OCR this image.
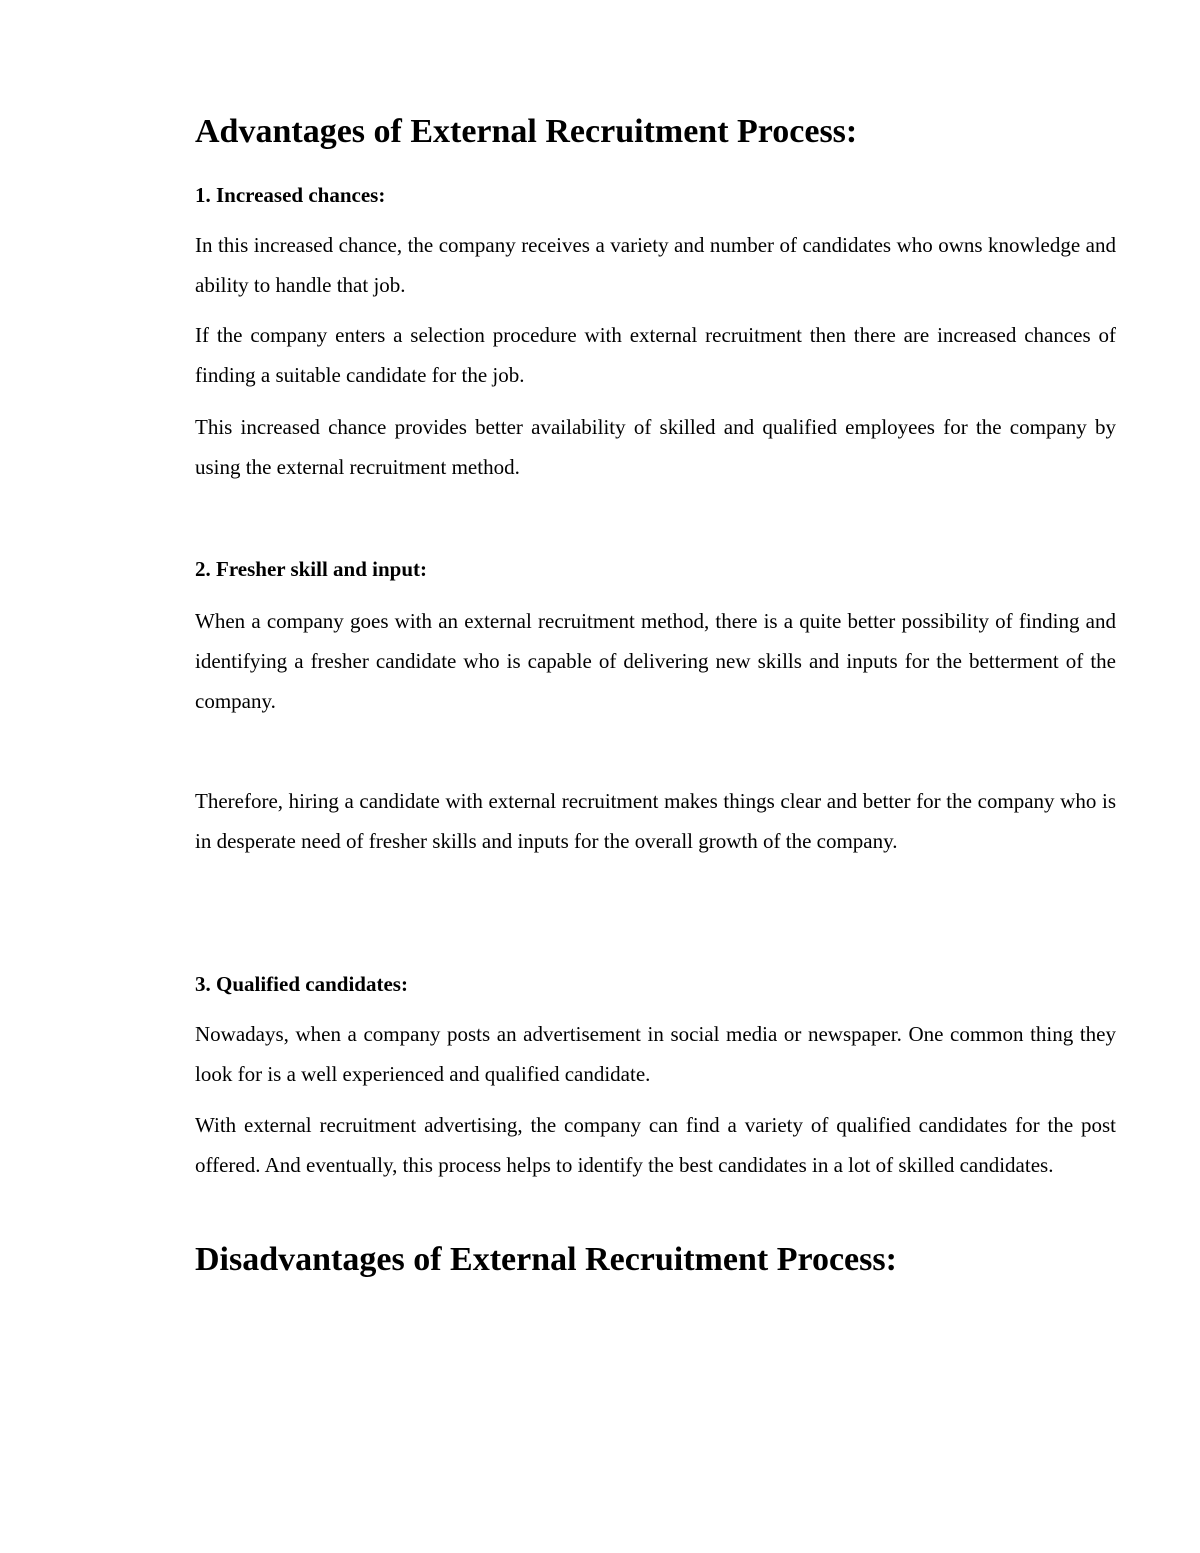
Advantages of External Recruitment Process:
1. Increased chances:

In this increased chance, the company receives a variety and number of candidates who owns knowledge and ability to handle that job.

If the company enters a selection procedure with external recruitment then there are increased chances of finding a suitable candidate for the job.

This increased chance provides better availability of skilled and qualified employees for the company by using the external recruitment method.

2. Fresher skill and input:

When a company goes with an external recruitment method, there is a quite better possibility of finding and identifying a fresher candidate who is capable of delivering new skills and inputs for the betterment of the company.

Therefore, hiring a candidate with external recruitment makes things clear and better for the company who is in desperate need of fresher skills and inputs for the overall growth of the company.

3. Qualified candidates:

Nowadays, when a company posts an advertisement in social media or newspaper. One common thing they look for is a well experienced and qualified candidate.

With external recruitment advertising, the company can find a variety of qualified candidates for the post offered. And eventually, this process helps to identify the best candidates in a lot of skilled candidates.

Disadvantages of External Recruitment Process:
